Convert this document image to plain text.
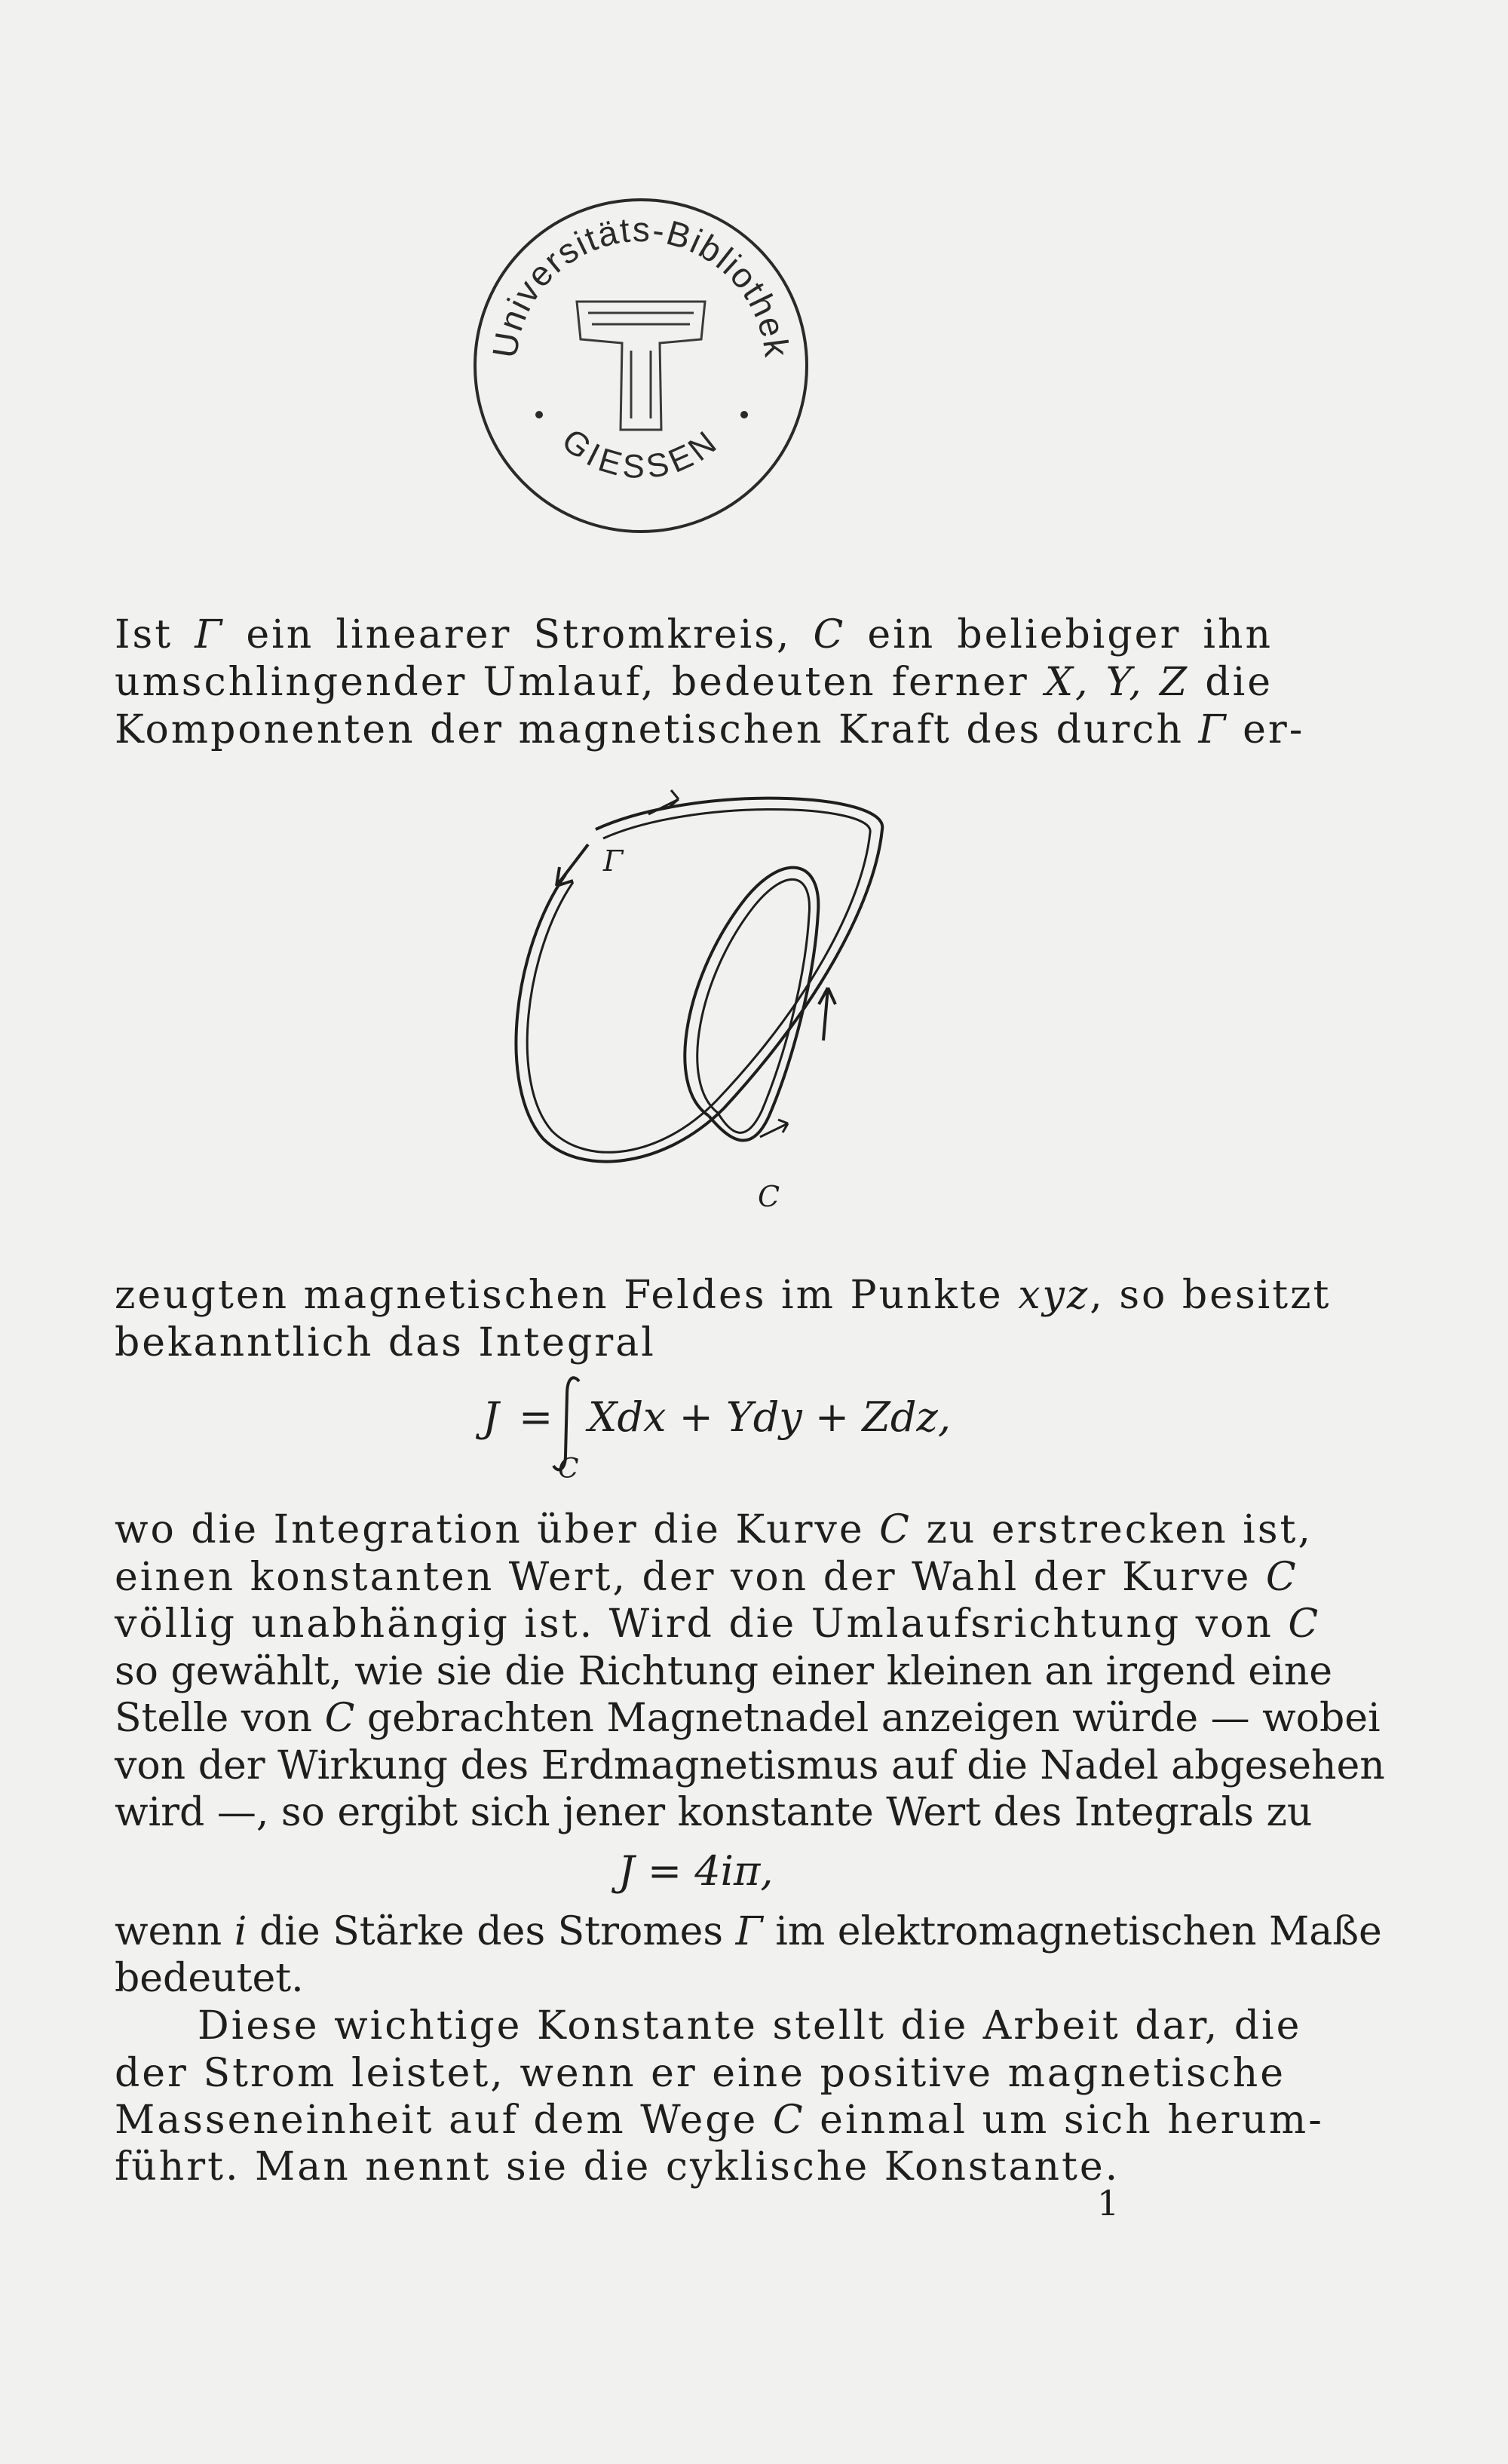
Universitäts-Bibliothek
GIESSEN
Ist Γ ein linearer Stromkreis, C ein beliebiger ihn
umschlingender Umlauf, bedeuten ferner X, Y, Z die
Komponenten der magnetischen Kraft des durch Γ er-
Γ
C
zeugten magnetischen Feldes im Punkte xyz, so besitzt
bekanntlich das Integral
J = Xdx + Ydy + Zdz,
C
wo die Integration über die Kurve C zu erstrecken ist,
einen konstanten Wert, der von der Wahl der Kurve C
völlig unabhängig ist. Wird die Umlaufsrichtung von C
so gewählt, wie sie die Richtung einer kleinen an irgend eine
Stelle von C gebrachten Magnetnadel anzeigen würde — wobei
von der Wirkung des Erdmagnetismus auf die Nadel abgesehen
wird —, so ergibt sich jener konstante Wert des Integrals zu
J = 4iπ,
wenn i die Stärke des Stromes Γ im elektromagnetischen Maße
bedeutet.
Diese wichtige Konstante stellt die Arbeit dar, die
der Strom leistet, wenn er eine positive magnetische
Masseneinheit auf dem Wege C einmal um sich herum-
führt. Man nennt sie die cyklische Konstante.
1
